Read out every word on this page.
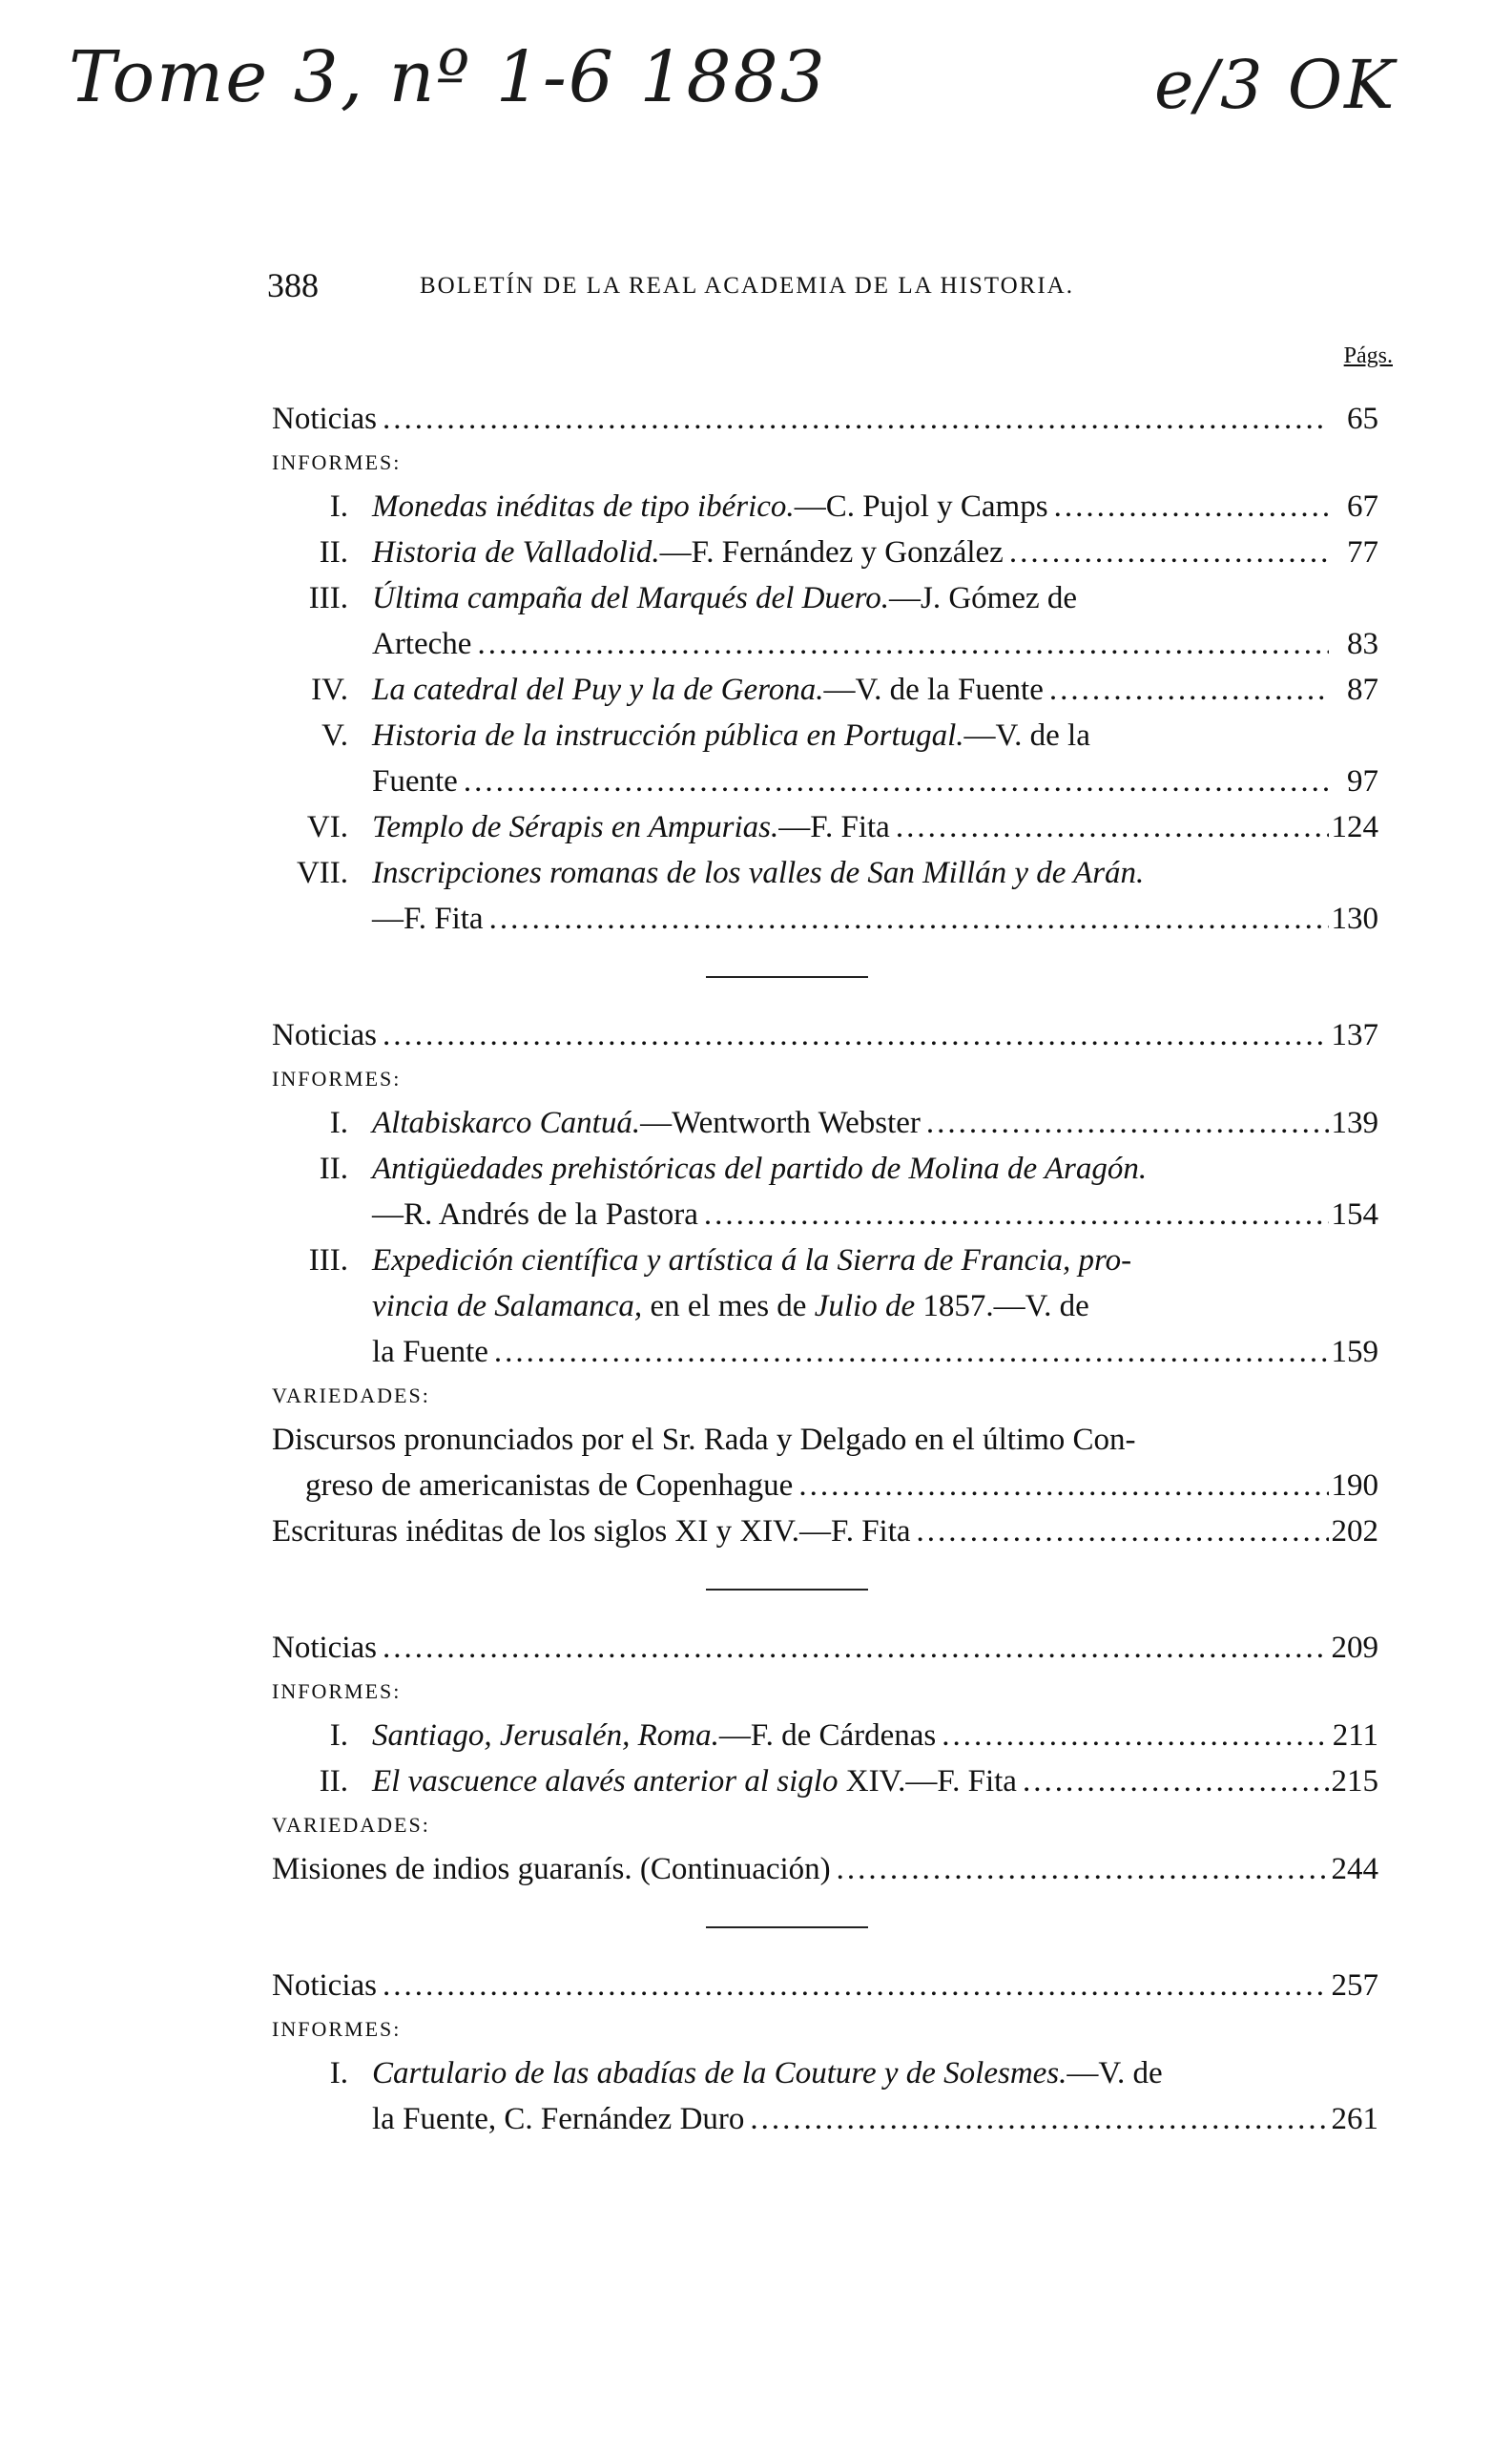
Tome 3, nº 1-6 1883	e/3 OK
388	BOLETÍN DE LA REAL ACADEMIA DE LA HISTORIA.
Págs.
Noticias .....	65
INFORMES:
I. Monedas inéditas de tipo ibérico.—C. Pujol y Camps .....	67
II. Historia de Valladolid.—F. Fernández y González .....	77
III. Última campaña del Marqués del Duero.—J. Gómez de
Arteche .....	83
IV. La catedral del Puy y la de Gerona.—V. de la Fuente .....	87
V. Historia de la instrucción pública en Portugal.—V. de la
Fuente .....	97
VI. Templo de Sérapis en Ampurias.—F. Fita .....	124
VII. Inscripciones romanas de los valles de San Millán y de Arán.
—F. Fita .....	130
Noticias .....	137
INFORMES:
I. Altabiskarco Cantuá.—Wentworth Webster .....	139
II. Antigüedades prehistóricas del partido de Molina de Aragón.
—R. Andrés de la Pastora .....	154
III. Expedición científica y artística á la Sierra de Francia, pro-
vincia de Salamanca, en el mes de Julio de 1857.—V. de
la Fuente .....	159
VARIEDADES:
Discursos pronunciados por el Sr. Rada y Delgado en el último Con-
greso de americanistas de Copenhague .....	190
Escrituras inéditas de los siglos XI y XIV.—F. Fita .....	202
Noticias .....	209
INFORMES:
I. Santiago, Jerusalén, Roma.—F. de Cárdenas .....	211
II. El vascuence alavés anterior al siglo XIV.—F. Fita .....	215
VARIEDADES:
Misiones de indios guaranís. (Continuación) .....	244
Noticias .....	257
INFORMES:
I. Cartulario de las abadías de la Couture y de Solesmes.—V. de
la Fuente, C. Fernández Duro .....	261
